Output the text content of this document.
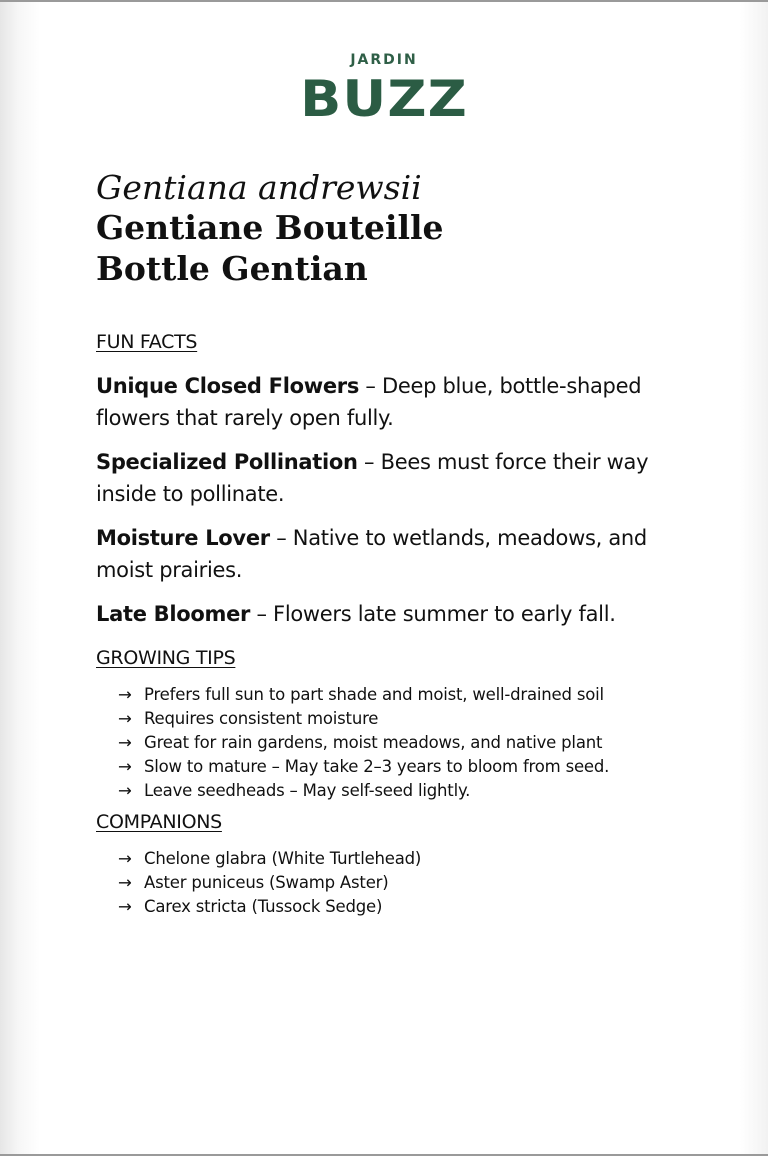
JARDIN
BUZZ
Gentiana andrewsii
Gentiane Bouteille
Bottle Gentian
FUN FACTS
Unique Closed Flowers – Deep blue, bottle-shaped flowers that rarely open fully.
Specialized Pollination – Bees must force their way inside to pollinate.
Moisture Lover – Native to wetlands, meadows, and moist prairies.
Late Bloomer – Flowers late summer to early fall.
GROWING TIPS
→ Prefers full sun to part shade and moist, well-drained soil
→ Requires consistent moisture
→ Great for rain gardens, moist meadows, and native plant
→ Slow to mature – May take 2–3 years to bloom from seed.
→ Leave seedheads – May self-seed lightly.
COMPANIONS
→ Chelone glabra (White Turtlehead)
→ Aster puniceus (Swamp Aster)
→ Carex stricta (Tussock Sedge)
